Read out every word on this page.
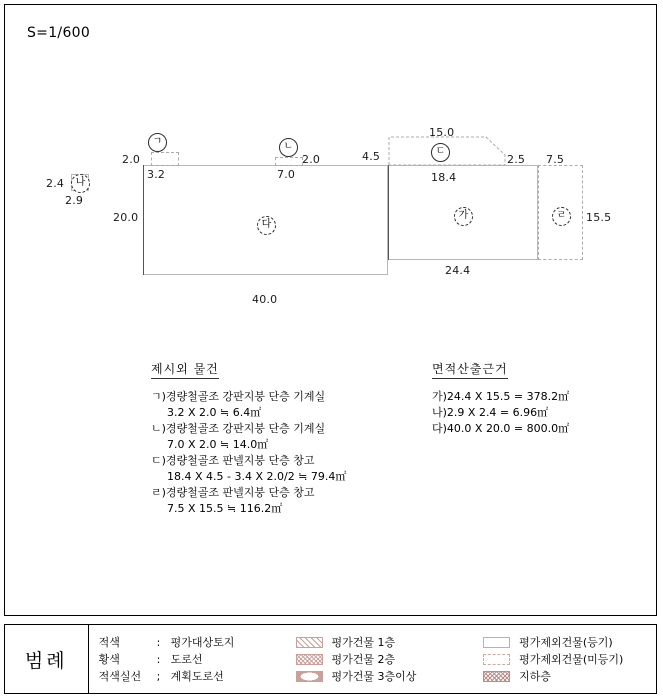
S=1/600
다
40.0
20.0
ㄱ
2.0
3.2
ㄴ
2.0
7.0
나
2.4
2.9
가
24.4
15.5
ㄷ
15.0
4.5	2.5
18.4
ㄹ
7.5
제시외 물건
ㄱ)경량철골조 강판지붕 단층 기계실
3.2 X 2.0 ≒ 6.4㎡
ㄴ)경량철골조 강판지붕 단층 기계실
7.0 X 2.0 ≒ 14.0㎡
ㄷ)경량철골조 판넬지붕 단층 창고
18.4 X 4.5 - 3.4 X 2.0/2 ≒ 79.4㎡
ㄹ)경량철골조 판넬지붕 단층 창고
7.5 X 15.5 ≒ 116.2㎡
면적산출근거
가)24.4 X 15.5 = 378.2㎡
나)2.9 X 2.4 = 6.96㎡
다)40.0 X 20.0 = 800.0㎡
범례
적색	: 평가대상토지
황색	: 도로선
적색실선	; 계획도로선
평가건물 1층
평가건물 2층
평가건물 3층이상
평가제외건물(등기)
평가제외건물(미등기)
지하층
